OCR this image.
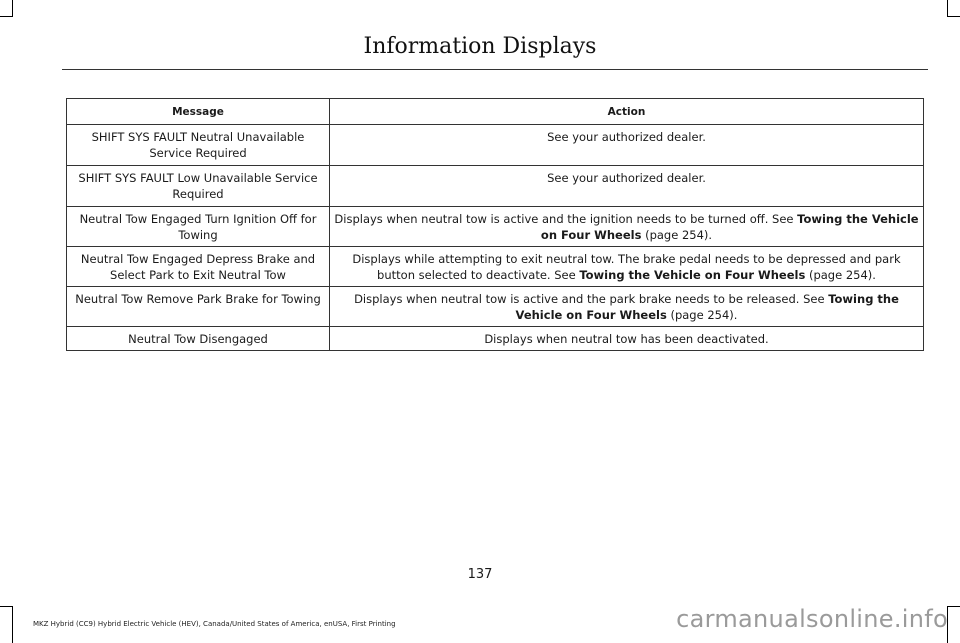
Information Displays
Message	Action
SHIFT SYS FAULT Neutral Unavailable Service Required	See your authorized dealer.
SHIFT SYS FAULT Low Unavailable Service Required	See your authorized dealer.
Neutral Tow Engaged Turn Ignition Off for Towing	Displays when neutral tow is active and the ignition needs to be turned off. See Towing the Vehicle on Four Wheels (page 254).
Neutral Tow Engaged Depress Brake and Select Park to Exit Neutral Tow	Displays while attempting to exit neutral tow. The brake pedal needs to be depressed and park button selected to deactivate. See Towing the Vehicle on Four Wheels (page 254).
Neutral Tow Remove Park Brake for Towing	Displays when neutral tow is active and the park brake needs to be released. See Towing the Vehicle on Four Wheels (page 254).
Neutral Tow Disengaged	Displays when neutral tow has been deactivated.
137
MKZ Hybrid (CC9) Hybrid Electric Vehicle (HEV), Canada/United States of America, enUSA, First Printing	carmanualsonline.info
